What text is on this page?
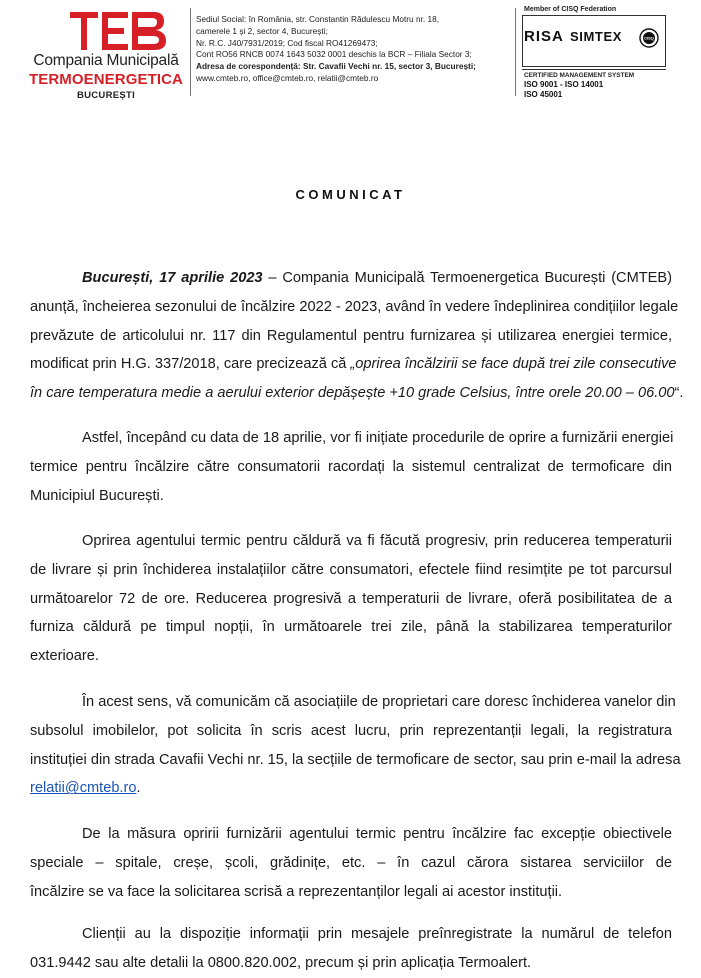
Compania Municipală
TERMOENERGETICA
BUCUREȘTI
Sediul Social: în România, str. Constantin Rădulescu Motru nr. 18,
camerele 1 și 2, sector 4, București;
Nr. R.C. J40/7931/2019; Cod fiscal RO41269473;
Cont RO56 RNCB 0074 1643 5032 0001 deschis la BCR – Filiala Sector 3;
Adresa de corespondență: Str. Cavafii Vechi nr. 15, sector 3, București;
www.cmteb.ro, office@cmteb.ro, relatii@cmteb.ro
Member of CISQ Federation
RISA SIMTEX	CISQ
CERTIFIED MANAGEMENT SYSTEM
ISO 9001 - ISO 14001
ISO 45001
COMUNICAT
București, 17 aprilie 2023 – Compania Municipală Termoenergetica București (CMTEB)
anunță, încheierea sezonului de încălzire 2022 - 2023, având în vedere îndeplinirea condițiilor legale
prevăzute de articolului nr. 117 din Regulamentul pentru furnizarea și utilizarea energiei termice,
modificat prin H.G. 337/2018, care precizează că „oprirea încălzirii se face după trei zile consecutive
în care temperatura medie a aerului exterior depășește +10 grade Celsius, între orele 20.00 – 06.00“.
Astfel, începând cu data de 18 aprilie, vor fi inițiate procedurile de oprire a furnizării energiei
termice pentru încălzire către consumatorii racordați la sistemul centralizat de termoficare din
Municipiul București.
Oprirea agentului termic pentru căldură va fi făcută progresiv, prin reducerea temperaturii
de livrare și prin închiderea instalațiilor către consumatori, efectele fiind resimțite pe tot parcursul
următoarelor 72 de ore. Reducerea progresivă a temperaturii de livrare, oferă posibilitatea de a
furniza căldură pe timpul nopții, în următoarele trei zile, până la stabilizarea temperaturilor
exterioare.
În acest sens, vă comunicăm că asociațiile de proprietari care doresc închiderea vanelor din
subsolul imobilelor, pot solicita în scris acest lucru, prin reprezentanții legali, la registratura
instituției din strada Cavafii Vechi nr. 15, la secțiile de termoficare de sector, sau prin e-mail la adresa
relatii@cmteb.ro.
De la măsura opririi furnizării agentului termic pentru încălzire fac excepție obiectivele
speciale – spitale, creșe, școli, grădinițe, etc. – în cazul cărora sistarea serviciilor de
încălzire se va face la solicitarea scrisă a reprezentanților legali ai acestor instituții.
Clienții au la dispoziție informații prin mesajele preînregistrate la numărul de telefon
031.9442 sau alte detalii la 0800.820.002, precum și prin aplicația Termoalert.
